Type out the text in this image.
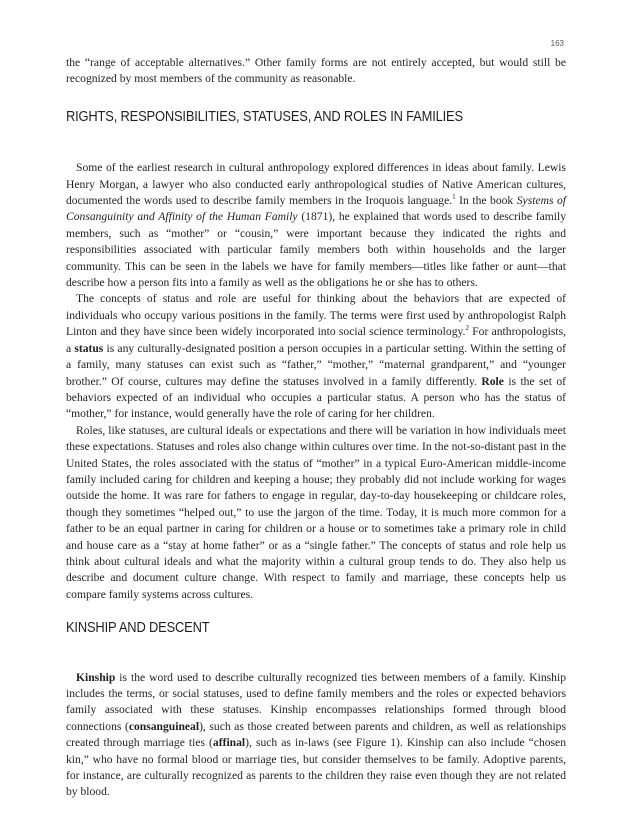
163

the “range of acceptable alternatives.” Other family forms are not entirely accepted, but would still be recognized by most members of the community as reasonable.

RIGHTS, RESPONSIBILITIES, STATUSES, AND ROLES IN FAMILIES

Some of the earliest research in cultural anthropology explored differences in ideas about family. Lewis Henry Morgan, a lawyer who also conducted early anthropological studies of Native American cultures, documented the words used to describe family members in the Iroquois language.$^1$ In the book Systems of Consanguinity and Affinity of the Human Family (1871), he explained that words used to describe family members, such as “mother” or “cousin,” were important because they indicated the rights and responsibilities associated with particular family members both within households and the larger community. This can be seen in the labels we have for family members—titles like father or aunt—that describe how a person fits into a family as well as the obligations he or she has to others.

The concepts of status and role are useful for thinking about the behaviors that are expected of individuals who occupy various positions in the family. The terms were first used by anthropologist Ralph Linton and they have since been widely incorporated into social science terminology.$^2$ For anthropologists, a status is any culturally-designated position a person occupies in a particular setting. Within the setting of a family, many statuses can exist such as “father,” “mother,” “maternal grandparent,” and “younger brother.” Of course, cultures may define the statuses involved in a family differently. Role is the set of behaviors expected of an individual who occupies a particular status. A person who has the status of “mother,” for instance, would generally have the role of caring for her children.

Roles, like statuses, are cultural ideals or expectations and there will be variation in how individuals meet these expectations. Statuses and roles also change within cultures over time. In the not-so-distant past in the United States, the roles associated with the status of “mother” in a typical Euro-American middle-income family included caring for children and keeping a house; they probably did not include working for wages outside the home. It was rare for fathers to engage in regular, day-to-day housekeeping or childcare roles, though they sometimes “helped out,” to use the jargon of the time. Today, it is much more common for a father to be an equal partner in caring for children or a house or to sometimes take a primary role in child and house care as a “stay at home father” or as a “single father.” The concepts of status and role help us think about cultural ideals and what the majority within a cultural group tends to do. They also help us describe and document culture change. With respect to family and marriage, these concepts help us compare family systems across cultures.

KINSHIP AND DESCENT

Kinship is the word used to describe culturally recognized ties between members of a family. Kinship includes the terms, or social statuses, used to define family members and the roles or expected behaviors family associated with these statuses. Kinship encompasses relationships formed through blood connections (consanguineal), such as those created between parents and children, as well as relationships created through marriage ties (affinal), such as in-laws (see Figure 1). Kinship can also include “chosen kin,” who have no formal blood or marriage ties, but consider themselves to be family. Adoptive parents, for instance, are culturally recognized as parents to the children they raise even though they are not related by blood.
